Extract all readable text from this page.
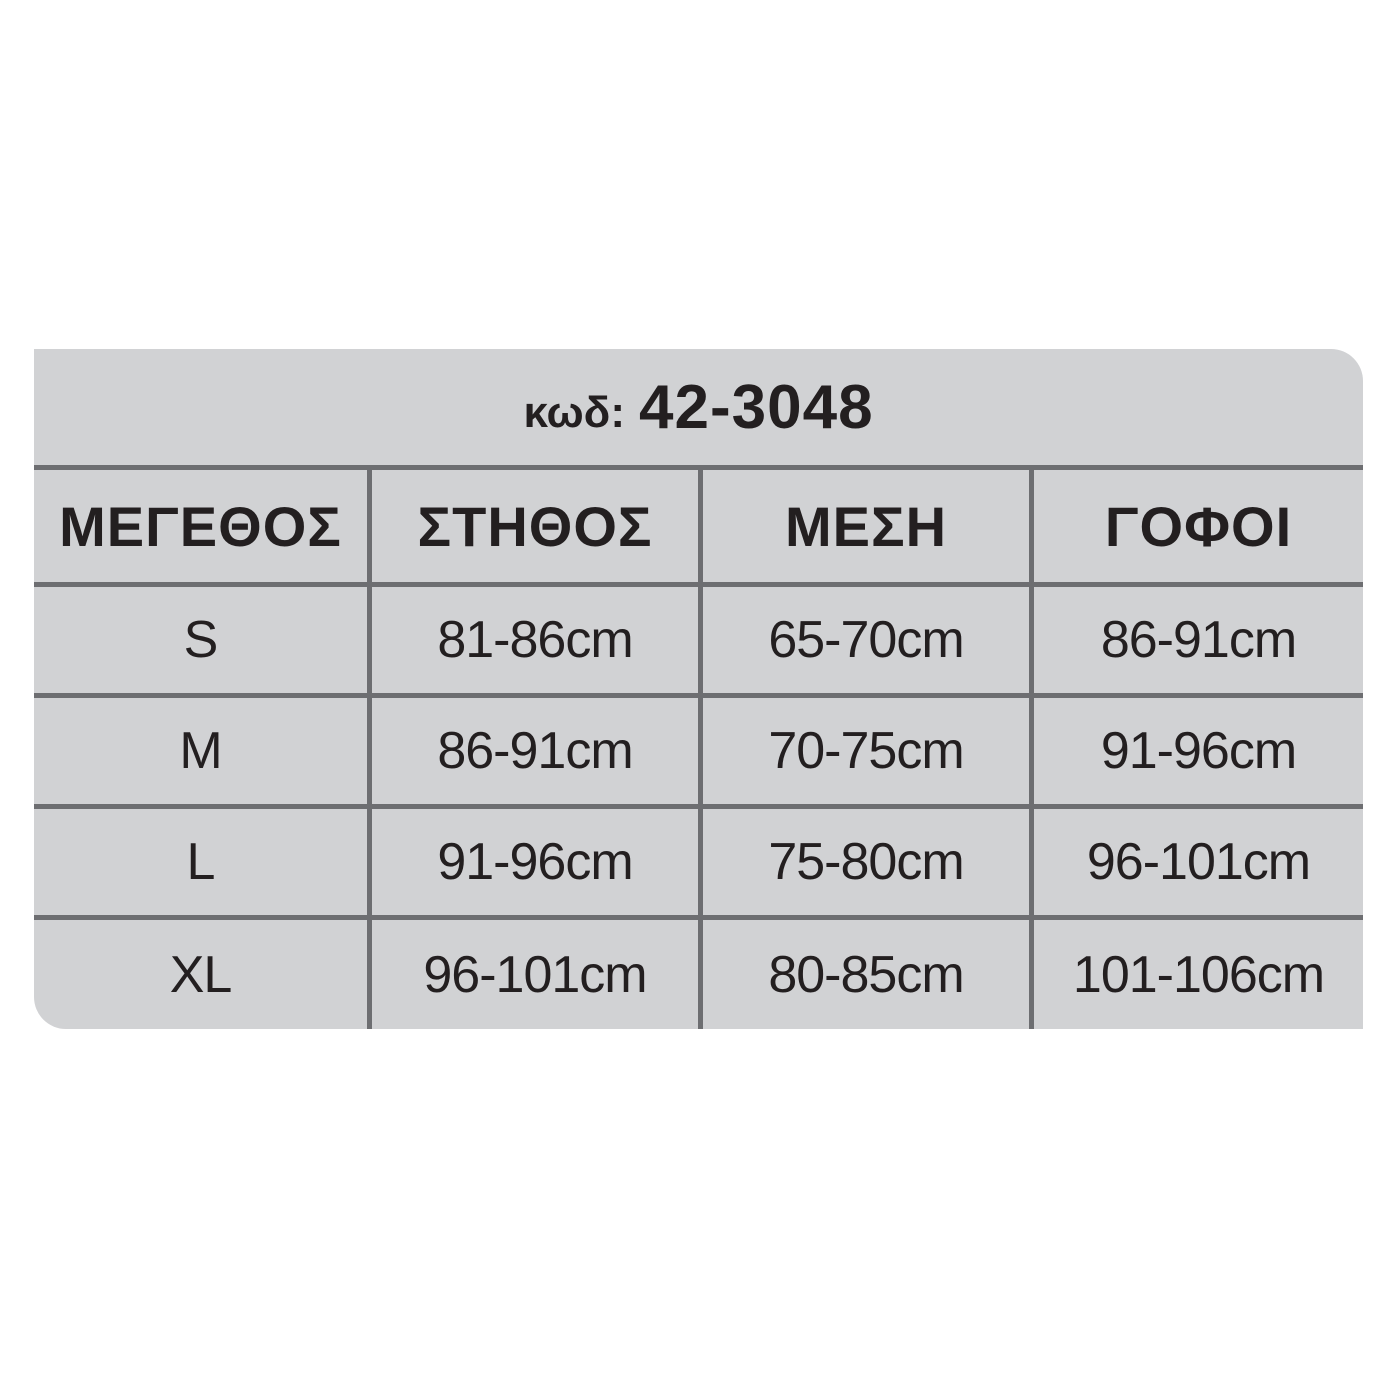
κωδ: 42-3048
ΜΕΓΕΘΟΣ	ΣΤΗΘΟΣ	ΜΕΣΗ	ΓΟΦΟΙ
S	81-86cm	65-70cm	86-91cm
M	86-91cm	70-75cm	91-96cm
L	91-96cm	75-80cm	96-101cm
XL	96-101cm	80-85cm	101-106cm
